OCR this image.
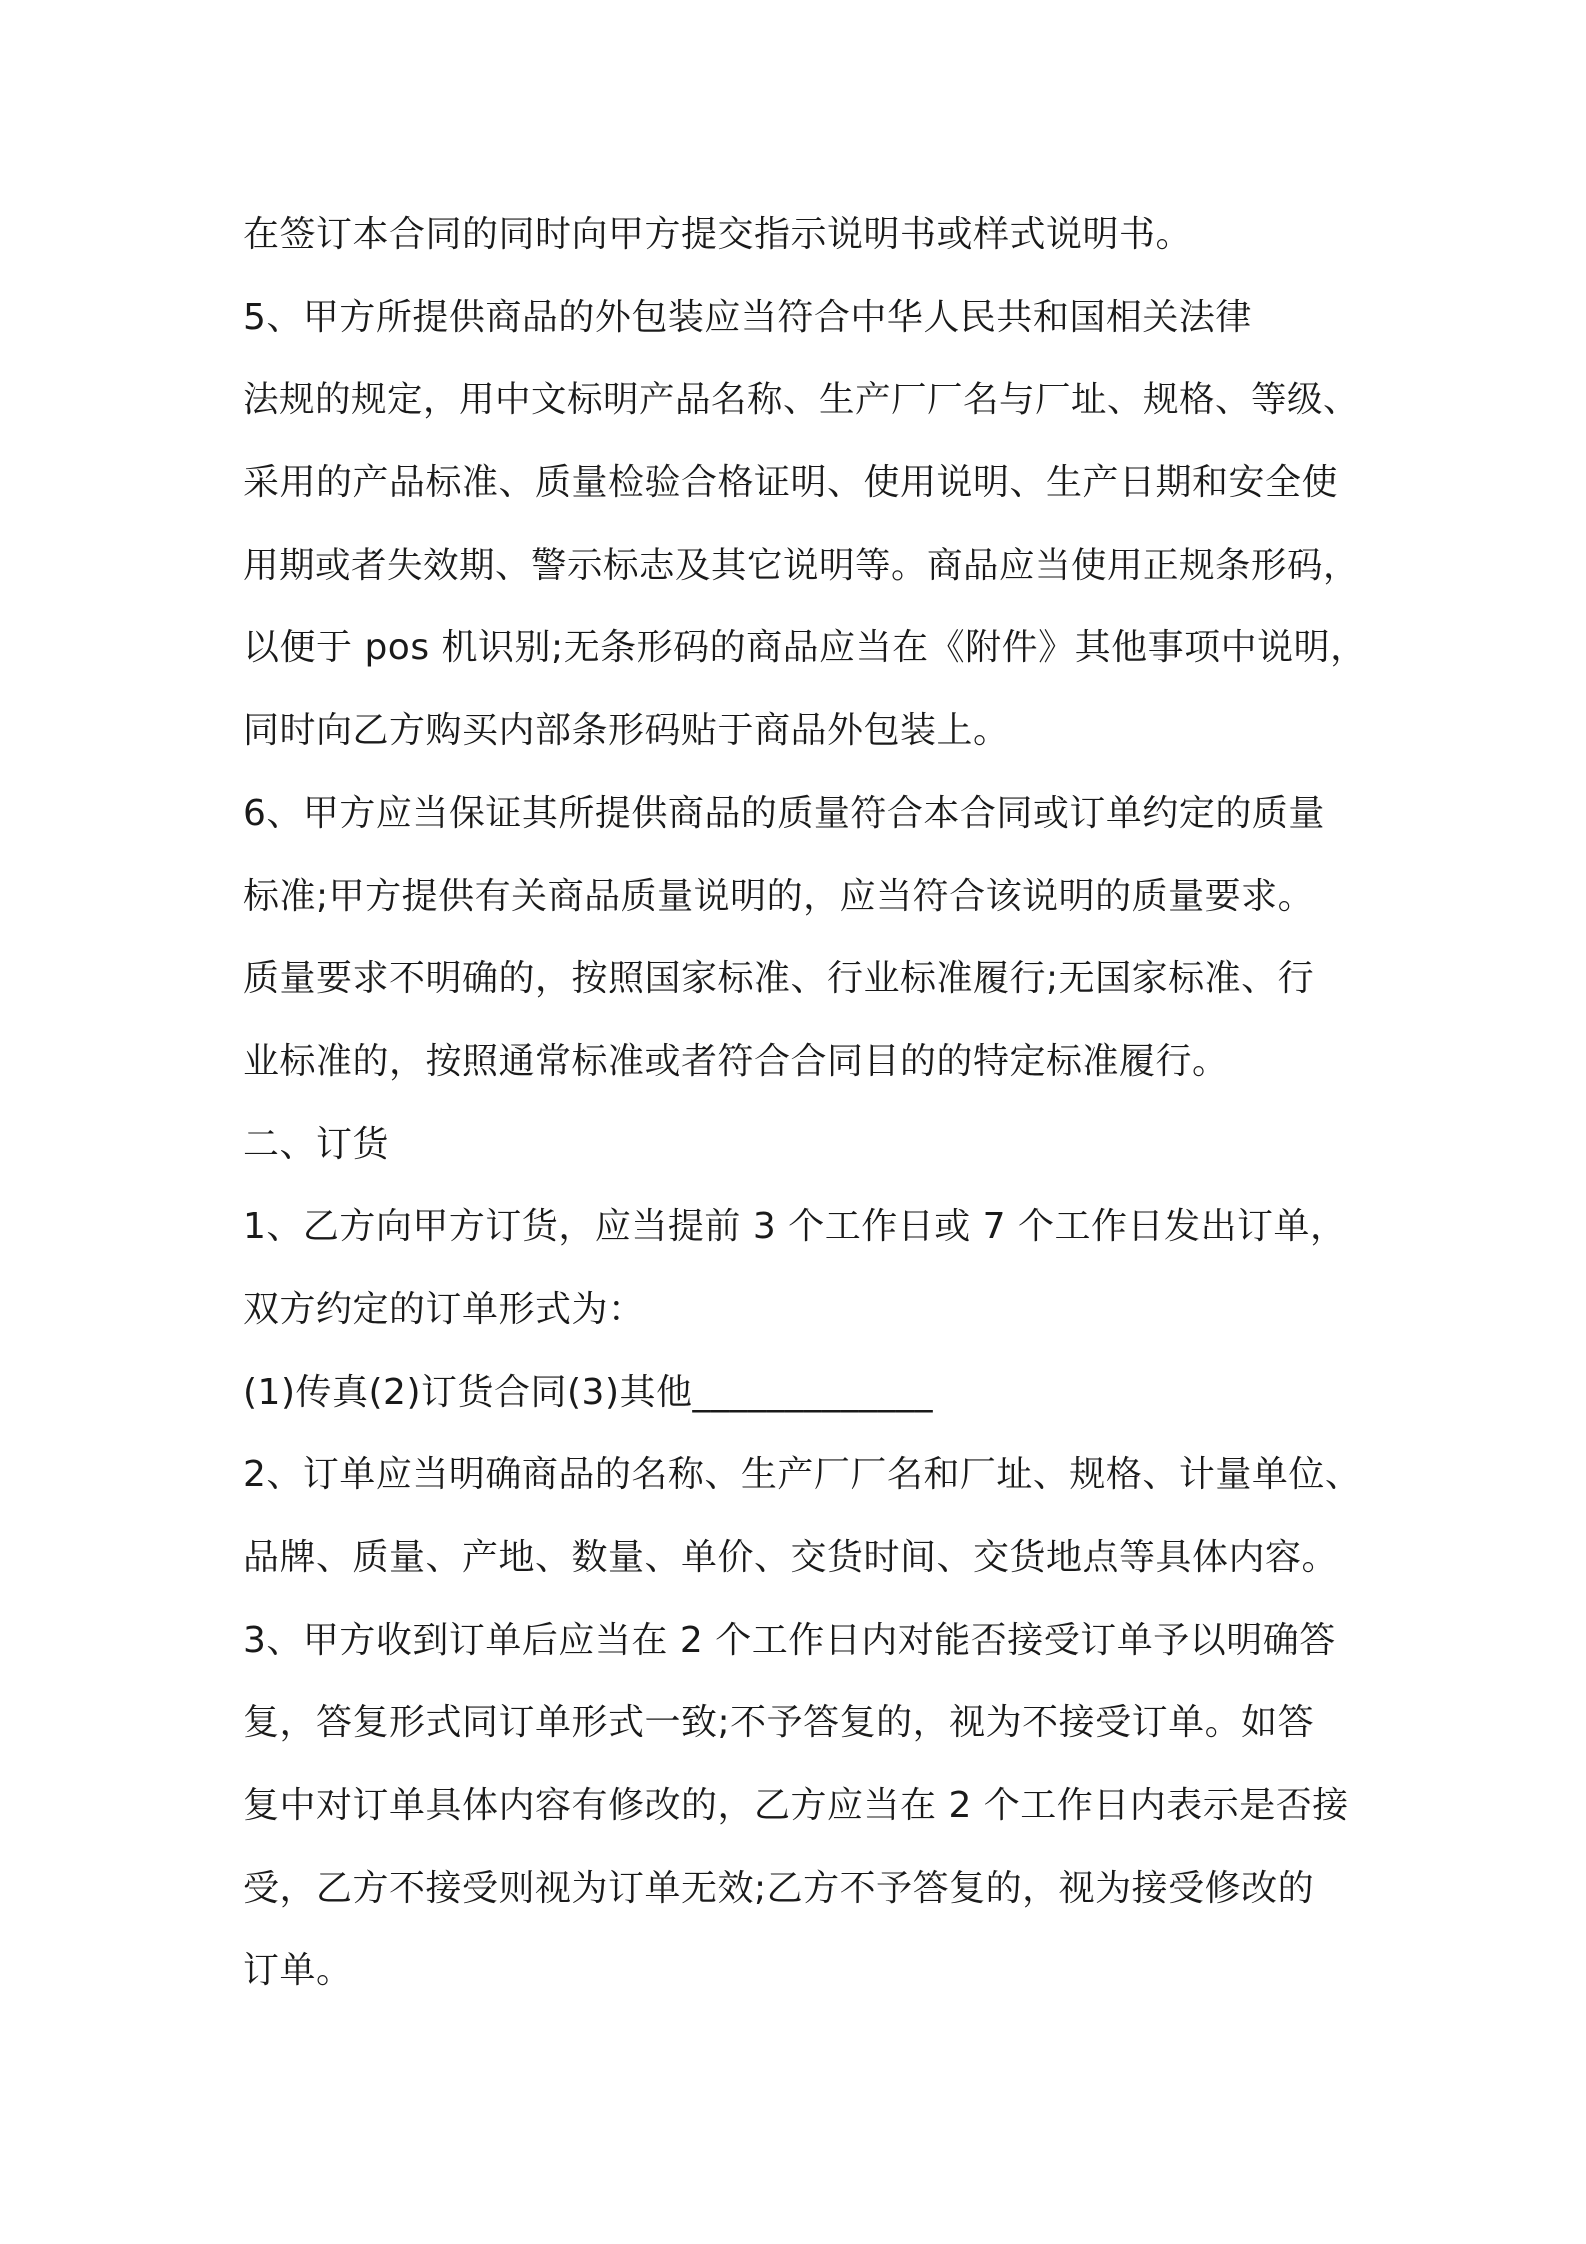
在签订本合同的同时向甲方提交指示说明书或样式说明书。
5、甲方所提供商品的外包装应当符合中华人民共和国相关法律
法规的规定，用中文标明产品名称、生产厂厂名与厂址、规格、等级、
采用的产品标准、质量检验合格证明、使用说明、生产日期和安全使
用期或者失效期、警示标志及其它说明等。商品应当使用正规条形码，
以便于 pos 机识别;无条形码的商品应当在《附件》其他事项中说明，
同时向乙方购买内部条形码贴于商品外包装上。
6、甲方应当保证其所提供商品的质量符合本合同或订单约定的质量
标准;甲方提供有关商品质量说明的，应当符合该说明的质量要求。
质量要求不明确的，按照国家标准、行业标准履行;无国家标准、行
业标准的，按照通常标准或者符合合同目的的特定标准履行。
二、订货
1、乙方向甲方订货，应当提前 3 个工作日或 7 个工作日发出订单，
双方约定的订单形式为：
(1)传真(2)订货合同(3)其他_____________
2、订单应当明确商品的名称、生产厂厂名和厂址、规格、计量单位、
品牌、质量、产地、数量、单价、交货时间、交货地点等具体内容。
3、甲方收到订单后应当在 2 个工作日内对能否接受订单予以明确答
复，答复形式同订单形式一致;不予答复的，视为不接受订单。如答
复中对订单具体内容有修改的，乙方应当在 2 个工作日内表示是否接
受，乙方不接受则视为订单无效;乙方不予答复的，视为接受修改的
订单。
